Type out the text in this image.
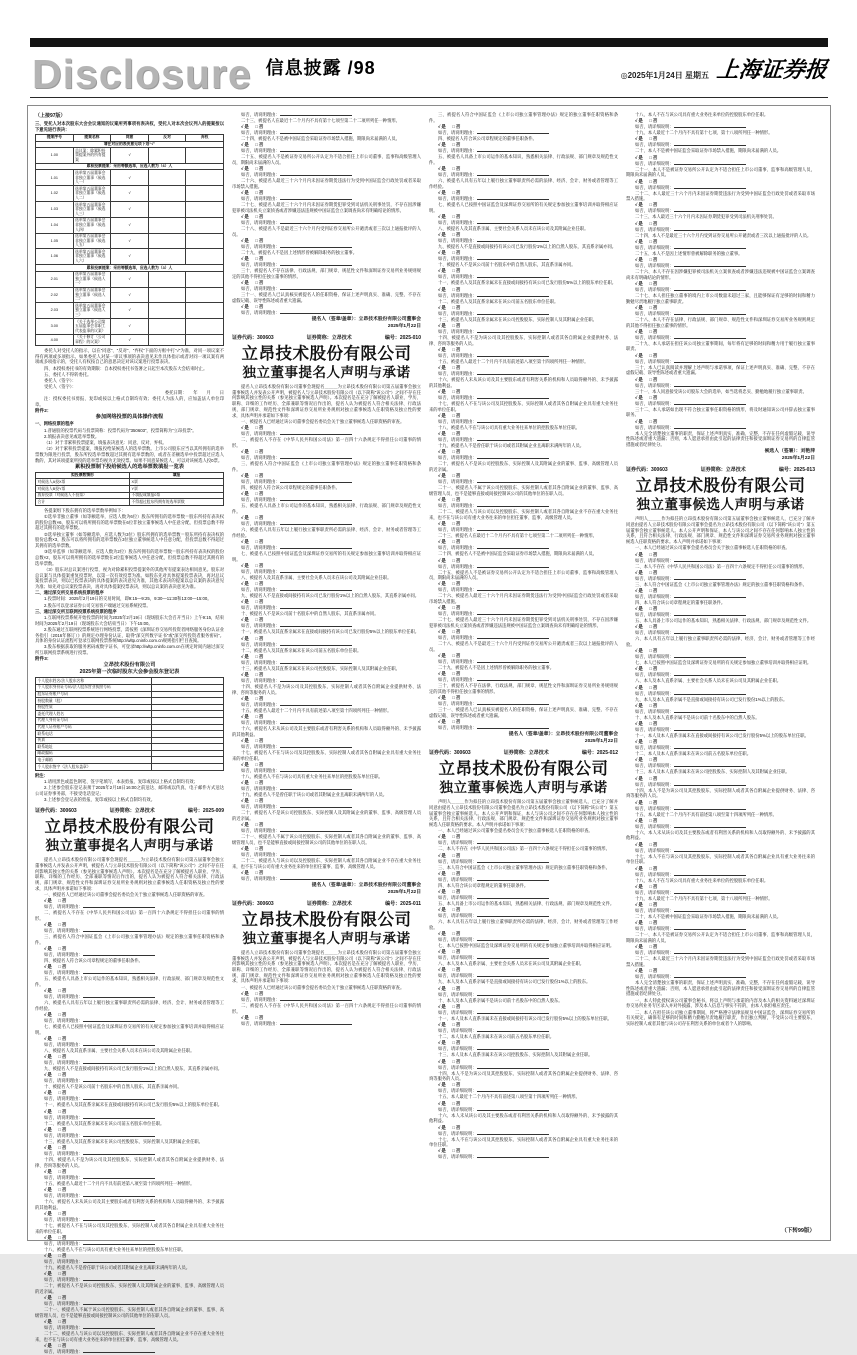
Disclosure 信息披露 /98	◎2025年1月24日 星期五 上海证券报
（上接97版）
三、受托人对本次股东大会会议通知的议案所列事项有表决权，受托人对本次会议列入的提案按以下意见进行表决：
提案序号	提案名称	同意	反对	弃权
请在对应的表决意见项下划“√”				
1.00	总议案：除累积投票提案外的所有提案	√		
累积投票提案：采用等额选举，应选人数为（6）人				
1.01	选举第五届董事会非独立董事（候选人一）	√		
1.02	选举第五届董事会非独立董事（候选人二）	√		
1.03	选举第五届董事会非独立董事（候选人三）	√		
1.04	选举第五届董事会非独立董事（候选人四）	√		
1.05	选举第五届董事会非独立董事（候选人五）	√		
1.06	选举第五届董事会非独立董事（候选人六）	√		
累积投票提案：采用等额选举，应选人数为（3）人				
2.01	选举第五届董事会独立董事（候选人一）	√		
2.02	选举第五届董事会独立董事（候选人二）	√		
2.03	选举第五届董事会独立董事（候选人三）	√		
3.00	《关于选举公司第五届监事会非职工代表监事的议案》	√		
4.00	《关于修订〈公司章程〉的议案》	√		
委托人对受托人的指示，以在“同意”、“反对”、“弃权”下面的方框中打“√”为准，对同一项议案不得有两项或多项指示。如果委托人对某一审议事项的表决意见未作具体指示或者对同一项议案有两项或多项指示的，受托人有权按自己的意思决定对该议案进行投票表决。
四、本授权委托书的有效期限：自本授权委托书签署之日起至本次股东大会结束时止。
五、委托人不得转委托。
委托人（签字）：
受托人（签字）：
委托日期：　　年　　月　　日
注：授权委托书剪报、复印或按以上格式自制均有效；委托人为法人的，应加盖法人单位印章。
附件2：
参加网络投票的具体操作流程
一、网络投票的程序
1.普通股的投票代码与投票简称：投票代码为“350603”，投票简称为“立昂投票”。
2.填报表决意见或选举票数。
（1）对于非累积投票提案，填报表决意见：同意、反对、弃权。
（2）对于累积投票提案，填报投给某候选人的选举票数。上市公司股东应当以其所拥有的选举票数为限进行投票，股东所投选举票数超过其拥有选举票数的，或者在差额选举中投票超过应选人数的，其对该项提案所投的选举票均视为无效投票。如果不同意某候选人，可以对该候选人投0票。
累积投票制下投给候选人的选举票数填报一览表
拟投票数情形	填报
对候选人A投X票	X票
对候选人B投Y票	Y票
放弃投票（对候选人不投票）	不填报或填报0票
合计	不得超过股东所拥有的选举票数
各提案组下股东拥有的选举票数举例如下：
①选举非独立董事（如等额选举，应选人数为6位）股东所拥有的选举票数＝股东所持有表决权的股份总数×6，股东可以将所拥有的选举票数在6位非独立董事候选人中任意分配，但投票总数不得超过其拥有的选举票数。
②选举独立董事（如等额选举，应选人数为3位）股东所拥有的选举票数＝股东所持有表决权的股份总数×3，股东可以将所拥有的选举票数在3位独立董事候选人中任意分配，但投票总数不得超过其拥有的选举票数。
③选举监事（如等额选举，应选人数为2位）股东所拥有的选举票数＝股东所持有表决权的股份总数×2，股东可以将所拥有的选举票数在2位监事候选人中任意分配，但投票总数不得超过其拥有的选举票数。
（3）股东对总议案进行投票，视为对除累积投票提案外的其他所有提案表达相同意见。股东对总议案与具体提案重复投票时，以第一次有效投票为准。如股东先对具体提案投票表决，再对总议案投票表决，则以已投票表决的具体提案的表决意见为准，其他未表决的提案以总议案的表决意见为准；如先对总议案投票表决，再对具体提案投票表决，则以总议案的表决意见为准。
二、通过深交所交易系统投票的程序
1.投票时间：2025年2月19日的交易时间，即9:15—9:25，9:30—11:30和13:00—15:00。
2.股东可以登录证券公司交易客户端通过交易系统投票。
三、通过深交所互联网投票系统投票的程序
1.互联网投票系统开始投票的时间为2025年2月19日（现场股东大会召开当日）上午9:15，结束时间为2025年2月19日（现场股东大会结束当日）下午15:00。
2.股东通过互联网投票系统进行网络投票，需按照《深圳证券交易所投资者网络服务身份认证业务指引（2016年修订）》的规定办理身份认证，取得“深交所数字证书”或“深交所投资者服务密码”。具体的身份认证流程可登录互联网投票系统http://wltp.cninfo.com.cn规则指引栏目查阅。
3.股东根据获取的服务密码或数字证书，可登录http://wltp.cninfo.com.cn在规定时间内通过深交所互联网投票系统进行投票。
附件3：
立昂技术股份有限公司
2025年第一次临时股东大会参会股东登记表
个人股东姓名/法人股东名称	
个人股东身份证号码/法人股东营业执照号码	
股东证券账户号码	
持股数量（股）	
持股性质	
委托代理人姓名	
代理人身份证号码	
代理人证券账户号码	
联系电话	
传真	
联系地址	
邮政编码	
电子邮箱	
个人股东签字（法人股东盖章）	
附注：
1.请用黑色或蓝色钢笔、签字笔填写，本表剪报、复印或按以上格式自制均有效；
2.上述参会股东登记表须于2025年2月18日16:00之前送达、邮寄或以传真、电子邮件方式送达公司证券事务部，不接受电话登记；
3.上述参会登记表的剪报、复印或按以上格式自制均有效。
证券代码：300603	证券简称：立昂技术	编号：2025-009
立昂技术股份有限公司
独立董事提名人声明与承诺
提名人立昂技术股份有限公司董事会现提名＿＿＿为立昂技术股份有限公司第五届董事会独立董事候选人并发表公开声明，被提名人与立昂技术股份有限公司（以下简称“该公司”）之间不存在任何影响其独立性的关系（参见独立董事候选人声明）。本次提名是在充分了解被提名人职业、学历、职称、详细的工作经历、全部兼职等情况后作出的，提名人认为被提名人符合相关法律、行政法规、部门规章、规范性文件和深圳证券交易所业务规则对独立董事候选人任职资格及独立性的要求，具体声明并承诺如下事项：
一、被提名人已经通过该公司董事会提名委员会关于独立董事候选人任职资格的审查。
√是　□否
如否，请说明理由：
二、被提名人不存在《中华人民共和国公司法》第一百四十六条规定不得担任公司董事的情形。
√是　□否
如否，请说明理由：
三、被提名人符合中国证监会《上市公司独立董事管理办法》规定的独立董事任职资格和条件。
√是　□否
如否，请说明理由：
四、被提名人符合该公司章程规定的董事任职条件。
√是　□否
如否，请说明理由：
五、被提名人具备上市公司运作的基本知识，熟悉相关法律、行政法规、部门规章及规范性文件。
√是　□否
如否，请说明理由：
六、被提名人具有五年以上履行独立董事职责所必需的法律、经济、会计、财务或者管理等工作经验。
√是　□否
如否，请说明理由：
七、被提名人已按照中国证监会及深圳证券交易所的有关规定参加独立董事培训并取得相应证明。
√是　□否
如否，请说明理由：
八、被提名人及其直系亲属、主要社会关系人员未在该公司及其附属企业任职。
√是　□否
如否，请说明理由：
九、被提名人不是直接或间接持有该公司已发行股份1%以上的自然人股东，其直系亲属亦同。
√是　□否
如否，请说明理由：
十、被提名人不是该公司前十名股东中的自然人股东，其直系亲属亦同。
√是　□否
如否，请说明理由：
十一、被提名人及其直系亲属未在直接或间接持有该公司已发行股份5%以上的股东单位任职。
√是　□否
如否，请说明理由：
十二、被提名人及其直系亲属未在该公司前五名股东单位任职。
√是　□否
如否，请说明理由：
十三、被提名人及其直系亲属未在该公司控股股东、实际控制人及其附属企业任职。
√是　□否
如否，请说明理由：
十四、被提名人不是为该公司及其控股股东、实际控制人或者其各自附属企业提供财务、法律、咨询等服务的人员。
√是　□否
如否，请说明理由：
十五、被提名人最近十二个月内不具有前述第八项至第十四项所列任一种情形。
√是　□否
如否，请说明理由：
十六、被提名人未从该公司及其主要股东或者有利害关系的机构和人员取得额外的、未予披露的其他利益。
√是　□否
如否，请说明理由：
十七、被提名人不在与该公司及其控股股东、实际控制人或者其各自附属企业具有重大业务往来的单位任职。
√是　□否
如否，请说明理由：
十八、被提名人不在与该公司具有重大业务往来单位的控股股东单位任职。
√是　□否
如否，请说明理由：
十九、被提名人不是曾任职于该公司或者其附属企业且离职未满两年的人员。
√是　□否
如否，请说明理由：
二十、被提名人不是该公司控股股东、实际控制人及其附属企业的董事、监事、高级管理人员的近亲属。
√是　□否
如否，请说明理由：
二十一、被提名人不属于该公司控股股东、实际控制人或者其各自附属企业的董事、监事、高级管理人员，也不是能够直接或间接控制该公司的其他单位的在职人员。
√是　□否
如否，请说明理由：
二十二、被提名人与该公司以及控股股东、实际控制人或者其各自附属企业不存在重大业务往来，也不在与该公司有重大业务往来的单位担任董事、监事、高级管理人员。
√是　□否
如否，请说明理由：
如否，请说明理由：
二十三、被提名人在最近十二个月内不具有第十七项至第二十二项所列任一种情形。
√是　□否
如否，请说明理由：
二十四、被提名人不是被中国证监会采取证券市场禁入措施，期限尚未届满的人员。
√是　□否
如否，请说明理由：
二十五、被提名人不是被证券交易所公开认定为不适合担任上市公司董事、监事和高级管理人员，期限尚未届满的人员。
√是　□否
如否，请说明理由：
二十六、被提名人最近三十六个月内未因证券期货违法行为受到中国证监会行政处罚或者采取市场禁入措施。
√是　□否
如否，请说明理由：
二十七、被提名人最近三十六个月内未因证券期货犯罪受到司法机关刑事处罚，不存在因涉嫌犯罪被司法机关立案侦查或者涉嫌违法违规被中国证监会立案调查尚未有明确结论的情形。
√是　□否
如否，请说明理由：
二十八、被提名人不是最近三十六个月内受到证券交易所公开谴责或者三次以上通报批评的人员。
√是　□否
如否，请说明理由：
二十九、被提名人不是因上述情形曾被解除职务的独立董事。
√是　□否
如否，请说明理由：
三十、被提名人不存在法律、行政法规、部门规章、规范性文件和深圳证券交易所业务规则规定的其他不得担任独立董事的情形。
√是　□否
如否，请说明理由：
三十一、被提名人已认真核实被提名人的任职资格，保证上述声明真实、准确、完整，不存在虚假记载、误导性陈述或者重大遗漏。
√是　□否
如否，请说明理由：
提名人（签章/盖章）：立昂技术股份有限公司董事会
2025年1月22日
证券代码：300603	证券简称：立昂技术	编号：2025-010
立昂技术股份有限公司
独立董事提名人声明与承诺
提名人立昂技术股份有限公司董事会现提名＿＿＿为立昂技术股份有限公司第五届董事会独立董事候选人并发表公开声明，被提名人与立昂技术股份有限公司（以下简称“该公司”）之间不存在任何影响其独立性的关系（参见独立董事候选人声明）。本次提名是在充分了解被提名人职业、学历、职称、详细的工作经历、全部兼职等情况后作出的，提名人认为被提名人符合相关法律、行政法规、部门规章、规范性文件和深圳证券交易所业务规则对独立董事候选人任职资格及独立性的要求，具体声明并承诺如下事项：
一、被提名人已经通过该公司董事会提名委员会关于独立董事候选人任职资格的审查。
√是　□否
如否，请说明理由：
二、被提名人不存在《中华人民共和国公司法》第一百四十六条规定不得担任公司董事的情形。
√是　□否
如否，请说明理由：
三、被提名人符合中国证监会《上市公司独立董事管理办法》规定的独立董事任职资格和条件。
√是　□否
如否，请说明理由：
四、被提名人符合该公司章程规定的董事任职条件。
√是　□否
如否，请说明理由：
五、被提名人具备上市公司运作的基本知识，熟悉相关法律、行政法规、部门规章及规范性文件。
√是　□否
如否，请说明理由：
六、被提名人具有五年以上履行独立董事职责所必需的法律、经济、会计、财务或者管理等工作经验。
√是　□否
如否，请说明理由：
七、被提名人已按照中国证监会及深圳证券交易所的有关规定参加独立董事培训并取得相应证明。
√是　□否
如否，请说明理由：
八、被提名人及其直系亲属、主要社会关系人员未在该公司及其附属企业任职。
√是　□否
如否，请说明理由：
九、被提名人不是直接或间接持有该公司已发行股份1%以上的自然人股东，其直系亲属亦同。
√是　□否
如否，请说明理由：
十、被提名人不是该公司前十名股东中的自然人股东，其直系亲属亦同。
√是　□否
如否，请说明理由：
十一、被提名人及其直系亲属未在直接或间接持有该公司已发行股份5%以上的股东单位任职。
√是　□否
如否，请说明理由：
十二、被提名人及其直系亲属未在该公司前五名股东单位任职。
√是　□否
如否，请说明理由：
十三、被提名人及其直系亲属未在该公司控股股东、实际控制人及其附属企业任职。
√是　□否
如否，请说明理由：
十四、被提名人不是为该公司及其控股股东、实际控制人或者其各自附属企业提供财务、法律、咨询等服务的人员。
√是　□否
如否，请说明理由：
十五、被提名人最近十二个月内不具有前述第八项至第十四项所列任一种情形。
√是　□否
如否，请说明理由：
十六、被提名人未从该公司及其主要股东或者有利害关系的机构和人员取得额外的、未予披露的其他利益。
√是　□否
如否，请说明理由：
十七、被提名人不在与该公司及其控股股东、实际控制人或者其各自附属企业具有重大业务往来的单位任职。
√是　□否
如否，请说明理由：
十八、被提名人不在与该公司具有重大业务往来单位的控股股东单位任职。
√是　□否
如否，请说明理由：
十九、被提名人不是曾任职于该公司或者其附属企业且离职未满两年的人员。
√是　□否
如否，请说明理由：
二十、被提名人不是该公司控股股东、实际控制人及其附属企业的董事、监事、高级管理人员的近亲属。
√是　□否
如否，请说明理由：
二十一、被提名人不属于该公司控股股东、实际控制人或者其各自附属企业的董事、监事、高级管理人员，也不是能够直接或间接控制该公司的其他单位的在职人员。
√是　□否
如否，请说明理由：
二十二、被提名人与该公司以及控股股东、实际控制人或者其各自附属企业不存在重大业务往来，也不在与该公司有重大业务往来的单位担任董事、监事、高级管理人员。
√是　□否
如否，请说明理由：
提名人（签章/盖章）：立昂技术股份有限公司董事会
2025年1月22日
证券代码：300603	证券简称：立昂技术	编号：2025-011
立昂技术股份有限公司
独立董事提名人声明与承诺
提名人立昂技术股份有限公司董事会现提名＿＿＿为立昂技术股份有限公司第五届董事会独立董事候选人并发表公开声明，被提名人与立昂技术股份有限公司（以下简称“该公司”）之间不存在任何影响其独立性的关系（参见独立董事候选人声明）。本次提名是在充分了解被提名人职业、学历、职称、详细的工作经历、全部兼职等情况后作出的，提名人认为被提名人符合相关法律、行政法规、部门规章、规范性文件和深圳证券交易所业务规则对独立董事候选人任职资格及独立性的要求，具体声明并承诺如下事项：
一、被提名人已经通过该公司董事会提名委员会关于独立董事候选人任职资格的审查。
√是　□否
如否，请说明理由：
二、被提名人不存在《中华人民共和国公司法》第一百四十六条规定不得担任公司董事的情形。
√是　□否
如否，请说明理由：
三、被提名人符合中国证监会《上市公司独立董事管理办法》规定的独立董事任职资格和条件。
√是　□否
如否，请说明理由：
四、被提名人符合该公司章程规定的董事任职条件。
√是　□否
如否，请说明理由：
五、被提名人具备上市公司运作的基本知识，熟悉相关法律、行政法规、部门规章及规范性文件。
√是　□否
如否，请说明理由：
六、被提名人具有五年以上履行独立董事职责所必需的法律、经济、会计、财务或者管理等工作经验。
√是　□否
如否，请说明理由：
七、被提名人已按照中国证监会及深圳证券交易所的有关规定参加独立董事培训并取得相应证明。
√是　□否
如否，请说明理由：
八、被提名人及其直系亲属、主要社会关系人员未在该公司及其附属企业任职。
√是　□否
如否，请说明理由：
九、被提名人不是直接或间接持有该公司已发行股份1%以上的自然人股东，其直系亲属亦同。
√是　□否
如否，请说明理由：
十、被提名人不是该公司前十名股东中的自然人股东，其直系亲属亦同。
√是　□否
如否，请说明理由：
十一、被提名人及其直系亲属未在直接或间接持有该公司已发行股份5%以上的股东单位任职。
√是　□否
如否，请说明理由：
十二、被提名人及其直系亲属未在该公司前五名股东单位任职。
√是　□否
如否，请说明理由：
十三、被提名人及其直系亲属未在该公司控股股东、实际控制人及其附属企业任职。
√是　□否
如否，请说明理由：
十四、被提名人不是为该公司及其控股股东、实际控制人或者其各自附属企业提供财务、法律、咨询等服务的人员。
√是　□否
如否，请说明理由：
十五、被提名人最近十二个月内不具有前述第八项至第十四项所列任一种情形。
√是　□否
如否，请说明理由：
十六、被提名人未从该公司及其主要股东或者有利害关系的机构和人员取得额外的、未予披露的其他利益。
√是　□否
如否，请说明理由：
十七、被提名人不在与该公司及其控股股东、实际控制人或者其各自附属企业具有重大业务往来的单位任职。
√是　□否
如否，请说明理由：
十八、被提名人不在与该公司具有重大业务往来单位的控股股东单位任职。
√是　□否
如否，请说明理由：
十九、被提名人不是曾任职于该公司或者其附属企业且离职未满两年的人员。
√是　□否
如否，请说明理由：
二十、被提名人不是该公司控股股东、实际控制人及其附属企业的董事、监事、高级管理人员的近亲属。
√是　□否
如否，请说明理由：
二十一、被提名人不属于该公司控股股东、实际控制人或者其各自附属企业的董事、监事、高级管理人员，也不是能够直接或间接控制该公司的其他单位的在职人员。
√是　□否
如否，请说明理由：
二十二、被提名人与该公司以及控股股东、实际控制人或者其各自附属企业不存在重大业务往来，也不在与该公司有重大业务往来的单位担任董事、监事、高级管理人员。
√是　□否
如否，请说明理由：
二十三、被提名人在最近十二个月内不具有第十七项至第二十二项所列任一种情形。
√是　□否
如否，请说明理由：
二十四、被提名人不是被中国证监会采取证券市场禁入措施，期限尚未届满的人员。
√是　□否
如否，请说明理由：
二十五、被提名人不是被证券交易所公开认定为不适合担任上市公司董事、监事和高级管理人员，期限尚未届满的人员。
√是　□否
如否，请说明理由：
二十六、被提名人最近三十六个月内未因证券期货违法行为受到中国证监会行政处罚或者采取市场禁入措施。
√是　□否
如否，请说明理由：
二十七、被提名人最近三十六个月内未因证券期货犯罪受到司法机关刑事处罚，不存在因涉嫌犯罪被司法机关立案侦查或者涉嫌违法违规被中国证监会立案调查尚未有明确结论的情形。
√是　□否
如否，请说明理由：
二十八、被提名人不是最近三十六个月内受到证券交易所公开谴责或者三次以上通报批评的人员。
√是　□否
如否，请说明理由：
二十九、被提名人不是因上述情形曾被解除职务的独立董事。
√是　□否
如否，请说明理由：
三十、被提名人不存在法律、行政法规、部门规章、规范性文件和深圳证券交易所业务规则规定的其他不得担任独立董事的情形。
√是　□否
如否，请说明理由：
三十一、被提名人已认真核实被提名人的任职资格，保证上述声明真实、准确、完整，不存在虚假记载、误导性陈述或者重大遗漏。
√是　□否
如否，请说明理由：
提名人（签章/盖章）：立昂技术股份有限公司董事会
2025年1月22日
证券代码：300603	证券简称：立昂技术	编号：2025-012
立昂技术股份有限公司
独立董事候选人声明与承诺
声明人＿＿＿作为拟任的立昂技术股份有限公司第五届董事会独立董事候选人，已充分了解并同意由提名人立昂技术股份有限公司董事会提名为立昂技术股份有限公司（以下简称“该公司”）第五届董事会独立董事候选人。本人公开声明和保证，本人与该公司之间不存在任何影响本人独立性的关系，且符合相关法律、行政法规、部门规章、规范性文件和深圳证券交易所业务规则对独立董事候选人任职资格的要求。本人声明并承诺如下事项：
一、本人已经通过该公司董事会提名委员会关于独立董事候选人任职资格的审查。
√是　□否
如否，请详细说明：
二、本人不存在《中华人民共和国公司法》第一百四十六条规定不得担任公司董事的情形。
√是　□否
如否，请详细说明：
三、本人符合中国证监会《上市公司独立董事管理办法》规定的独立董事任职资格和条件。
√是　□否
如否，请详细说明：
四、本人符合该公司章程规定的董事任职条件。
√是　□否
如否，请详细说明：
五、本人具备上市公司运作的基本知识，熟悉相关法律、行政法规、部门规章及规范性文件。
√是　□否
如否，请详细说明：
六、本人具有五年以上履行独立董事职责所必需的法律、经济、会计、财务或者管理等工作经验。
√是　□否
如否，请详细说明：
七、本人已按照中国证监会及深圳证券交易所的有关规定参加独立董事培训并取得相应证明。
√是　□否
如否，请详细说明：
八、本人及本人直系亲属、主要社会关系人员未在该公司及其附属企业任职。
√是　□否
如否，请详细说明：
九、本人及本人直系亲属不是直接或间接持有该公司已发行股份1%以上的股东。
√是　□否
如否，请详细说明：
十、本人及本人直系亲属不是该公司前十名股东中的自然人股东。
√是　□否
如否，请详细说明：
十一、本人及本人直系亲属未在直接或间接持有该公司已发行股份5%以上的股东单位任职。
√是　□否
如否，请详细说明：
十二、本人及本人直系亲属未在该公司前五名股东单位任职。
√是　□否
如否，请详细说明：
十三、本人及本人直系亲属未在该公司控股股东、实际控制人及其附属企业任职。
√是　□否
如否，请详细说明：
十四、本人不是为该公司及其控股股东、实际控制人或者其各自附属企业提供财务、法律、咨询等服务的人员。
√是　□否
如否，请详细说明：
十五、本人最近十二个月内不具有前述第八项至第十四项所列任一种情形。
√是　□否
如否，请详细说明：
十六、本人未从该公司及其主要股东或者有利害关系的机构和人员取得额外的、未予披露的其他利益。
√是　□否
如否，请详细说明：
十七、本人不在与该公司及其控股股东、实际控制人或者其各自附属企业具有重大业务往来的单位任职。
√是　□否
如否，请详细说明：
十八、本人不在与该公司具有重大业务往来单位的控股股东单位任职。
√是　□否
如否，请详细说明：
十九、本人最近十二个月内不具有第十七项、第十八项所列任一种情形。
√是　□否
如否，请详细说明：
二十、本人不是被中国证监会采取证券市场禁入措施，期限尚未届满的人员。
√是　□否
如否，请详细说明：
二十一、本人不是被证券交易所公开认定为不适合担任上市公司董事、监事和高级管理人员，期限尚未届满的人员。
√是　□否
如否，请详细说明：
二十二、本人最近三十六个月内未因证券期货违法行为受到中国证监会行政处罚或者采取市场禁入措施。
√是　□否
如否，请详细说明：
二十三、本人最近三十六个月内未因证券期货犯罪受到司法机关刑事处罚。
√是　□否
如否，请详细说明：
二十四、本人不是最近三十六个月内受到证券交易所公开谴责或者三次以上通报批评的人员。
√是　□否
如否，请详细说明：
二十五、本人不是因上述情形曾被解除职务的独立董事。
√是　□否
如否，请详细说明：
二十六、本人不存在因涉嫌犯罪被司法机关立案侦查或者涉嫌违法违规被中国证监会立案调查尚未有明确结论的情形。
√是　□否
如否，请详细说明：
二十七、本人担任独立董事的境内上市公司数量未超过三家，且能够保证有足够的时间和精力勤勉尽责地履行独立董事职责。
√是　□否
如否，请详细说明：
二十八、本人不存在法律、行政法规、部门规章、规范性文件和深圳证券交易所业务规则规定的其他不得担任独立董事的情形。
√是　□否
如否，请详细说明：
二十九、本人承诺在担任该公司独立董事期间，每年将有足够的时间和精力用于履行独立董事职责。
√是　□否
如否，请详细说明：
三十、本人已认真阅读并理解上述声明与承诺事项，保证上述声明真实、准确、完整，不存在虚假记载、误导性陈述或者重大遗漏。
√是　□否
如否，请详细说明：
三十一、本人同意接受该公司股东大会的选举，如当选将忠实、勤勉地履行独立董事职责。
√是　□否
如否，请详细说明：
三十二、本人承诺如出现不符合独立董事任职资格的情形，将及时通知该公司并辞去独立董事职务。
√是　□否
如否，请详细说明：
本人完全清楚独立董事的职责，保证上述声明真实、准确、完整，不存在任何虚假记载、误导性陈述或者重大遗漏；否则，本人愿意承担由此引起的法律责任和接受深圳证券交易所的自律监管措施或者纪律处分。
候选人（签署）：刘艳萍
2025年1月22日
证券代码：300603	证券简称：立昂技术	编号：2025-013
立昂技术股份有限公司
独立董事候选人声明与承诺
声明人＿＿＿作为拟任的立昂技术股份有限公司第五届董事会独立董事候选人，已充分了解并同意由提名人立昂技术股份有限公司董事会提名为立昂技术股份有限公司（以下简称“该公司”）第五届董事会独立董事候选人。本人公开声明和保证，本人与该公司之间不存在任何影响本人独立性的关系，且符合相关法律、行政法规、部门规章、规范性文件和深圳证券交易所业务规则对独立董事候选人任职资格的要求。本人声明并承诺如下事项：
一、本人已经通过该公司董事会提名委员会关于独立董事候选人任职资格的审查。
√是　□否
如否，请详细说明：
二、本人不存在《中华人民共和国公司法》第一百四十六条规定不得担任公司董事的情形。
√是　□否
如否，请详细说明：
三、本人符合中国证监会《上市公司独立董事管理办法》规定的独立董事任职资格和条件。
√是　□否
如否，请详细说明：
四、本人符合该公司章程规定的董事任职条件。
√是　□否
如否，请详细说明：
五、本人具备上市公司运作的基本知识，熟悉相关法律、行政法规、部门规章及规范性文件。
√是　□否
如否，请详细说明：
六、本人具有五年以上履行独立董事职责所必需的法律、经济、会计、财务或者管理等工作经验。
√是　□否
如否，请详细说明：
七、本人已按照中国证监会及深圳证券交易所的有关规定参加独立董事培训并取得相应证明。
√是　□否
如否，请详细说明：
八、本人及本人直系亲属、主要社会关系人员未在该公司及其附属企业任职。
√是　□否
如否，请详细说明：
九、本人及本人直系亲属不是直接或间接持有该公司已发行股份1%以上的股东。
√是　□否
如否，请详细说明：
十、本人及本人直系亲属不是该公司前十名股东中的自然人股东。
√是　□否
如否，请详细说明：
十一、本人及本人直系亲属未在直接或间接持有该公司已发行股份5%以上的股东单位任职。
√是　□否
如否，请详细说明：
十二、本人及本人直系亲属未在该公司前五名股东单位任职。
√是　□否
如否，请详细说明：
十三、本人及本人直系亲属未在该公司控股股东、实际控制人及其附属企业任职。
√是　□否
如否，请详细说明：
十四、本人不是为该公司及其控股股东、实际控制人或者其各自附属企业提供财务、法律、咨询等服务的人员。
√是　□否
如否，请详细说明：
十五、本人最近十二个月内不具有前述第八项至第十四项所列任一种情形。
√是　□否
如否，请详细说明：
十六、本人未从该公司及其主要股东或者有利害关系的机构和人员取得额外的、未予披露的其他利益。
√是　□否
如否，请详细说明：
十七、本人不在与该公司及其控股股东、实际控制人或者其各自附属企业具有重大业务往来的单位任职。
√是　□否
如否，请详细说明：
十八、本人不在与该公司具有重大业务往来单位的控股股东单位任职。
√是　□否
如否，请详细说明：
十九、本人最近十二个月内不具有第十七项、第十八项所列任一种情形。
√是　□否
如否，请详细说明：
二十、本人不是被中国证监会采取证券市场禁入措施，期限尚未届满的人员。
√是　□否
如否，请详细说明：
二十一、本人不是被证券交易所公开认定为不适合担任上市公司董事、监事和高级管理人员，期限尚未届满的人员。
√是　□否
如否，请详细说明：
二十二、本人最近三十六个月内未因证券期货违法行为受到中国证监会行政处罚或者采取市场禁入措施。
√是　□否
如否，请详细说明：
本人完全清楚独立董事的职责，保证上述声明真实、准确、完整，不存在任何虚假记载、误导性陈述或者重大遗漏；否则，本人愿意承担由此引起的法律责任和接受深圳证券交易所的自律监管措施或者纪律处分。
一、本人特此授权该公司董事会秘书，将以上声明与承诺的内容及本人的相关资料通过深圳证券交易所业务专区录入并对外披露，涉及本人信息与事实不符的，由本人承担相应责任。
二、本人在担任该公司独立董事期间，将严格遵守法律法规及中国证监会、深圳证券交易所的有关规定，确保有足够的时间和精力勤勉尽责地履行职责，作出独立判断，不受该公司主要股东、实际控制人或者其他与该公司存在利害关系的单位或者个人的影响。
（下转99版）
